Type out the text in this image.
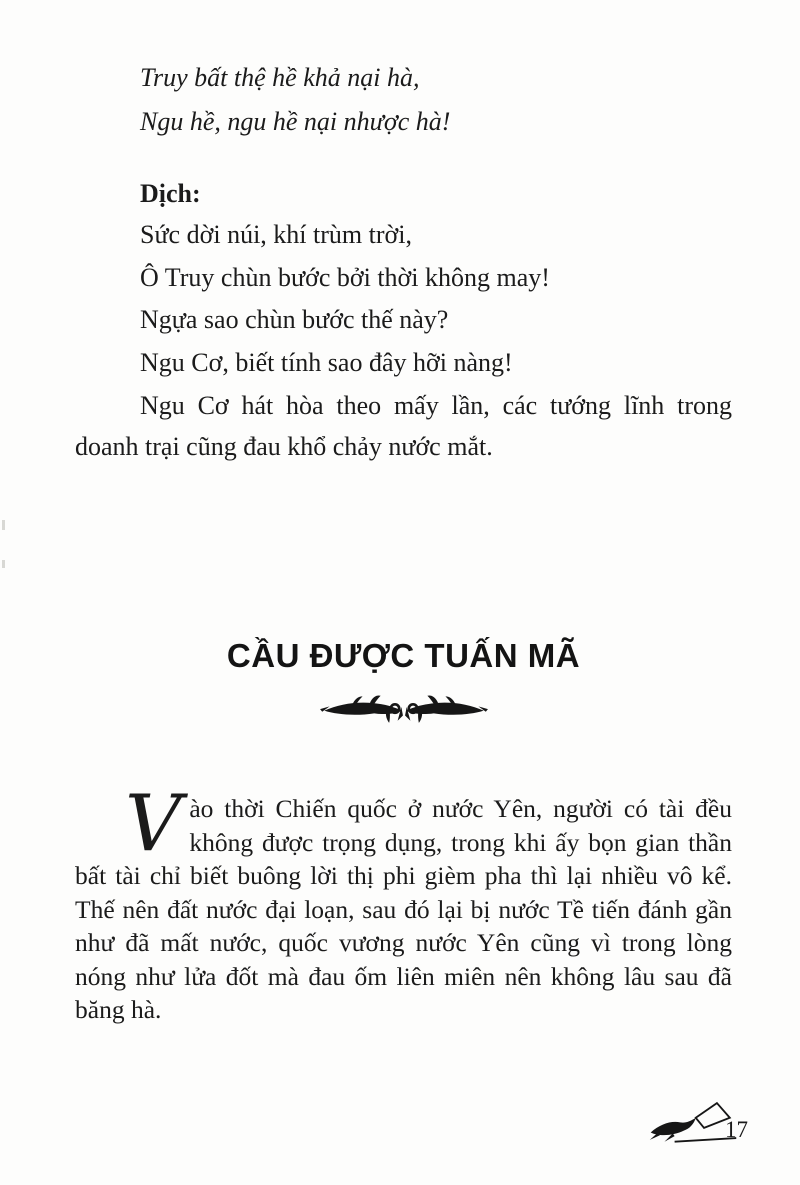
Truy bất thệ hề khả nại hà,

Ngu hề, ngu hề nại nhược hà!

Dịch:

Sức dời núi, khí trùm trời,

Ô Truy chùn bước bởi thời không may!

Ngựa sao chùn bước thế này?

Ngu Cơ, biết tính sao đây hỡi nàng!

Ngu Cơ hát hòa theo mấy lần, các tướng lĩnh trong doanh trại cũng đau khổ chảy nước mắt.

CẦU ĐƯỢC TUẤN MÃ

Vào thời Chiến quốc ở nước Yên, người có tài đều không được trọng dụng, trong khi ấy bọn gian thần bất tài chỉ biết buông lời thị phi gièm pha thì lại nhiều vô kể. Thế nên đất nước đại loạn, sau đó lại bị nước Tề tiến đánh gần như đã mất nước, quốc vương nước Yên cũng vì trong lòng nóng như lửa đốt mà đau ốm liên miên nên không lâu sau đã băng hà.

17
